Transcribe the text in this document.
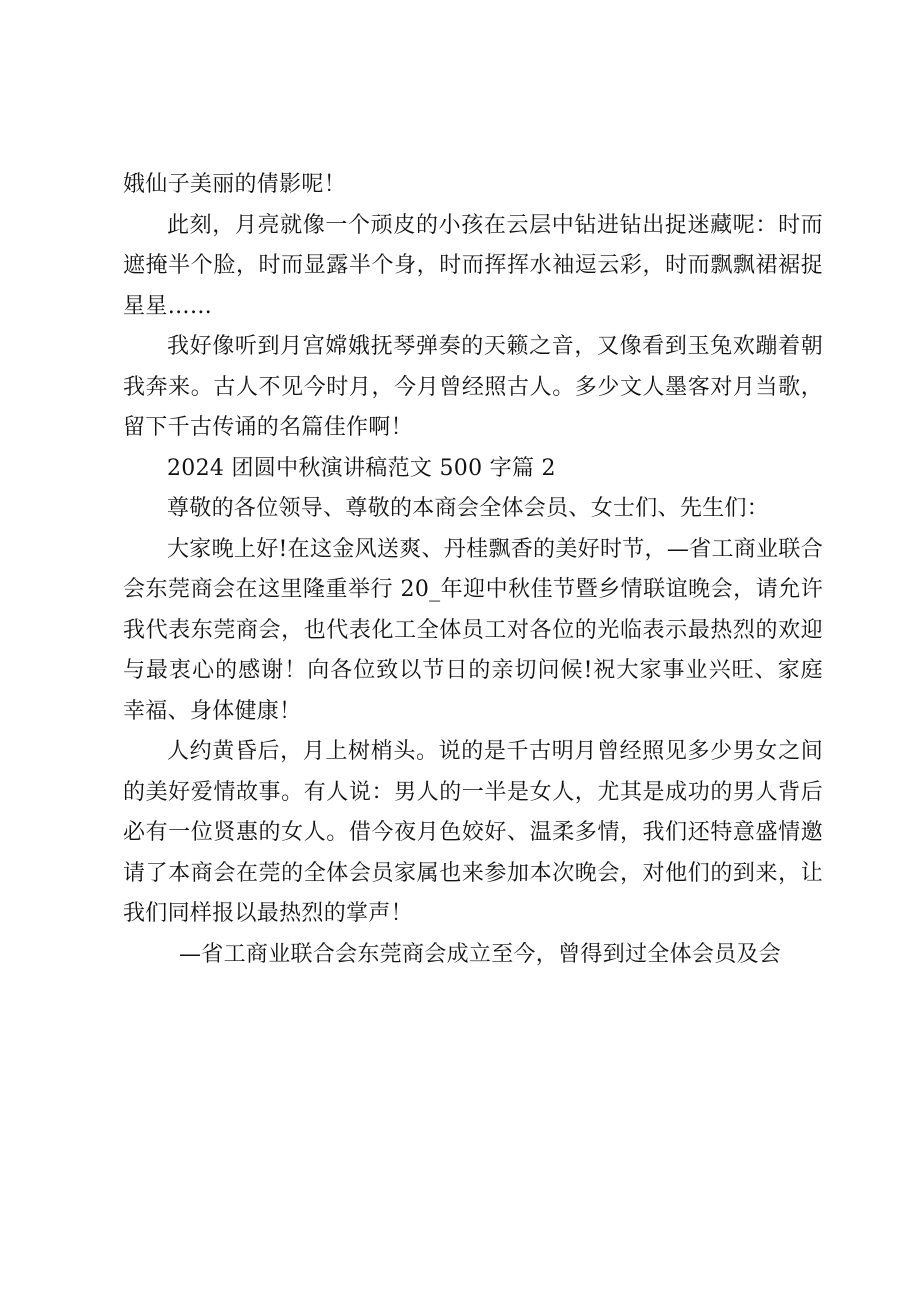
娥仙子美丽的倩影呢！

此刻，月亮就像一个顽皮的小孩在云层中钻进钻出捉迷藏呢：时而遮掩半个脸，时而显露半个身，时而挥挥水袖逗云彩，时而飘飘裙裾捉星星……

我好像听到月宫嫦娥抚琴弹奏的天籁之音，又像看到玉兔欢蹦着朝我奔来。古人不见今时月，今月曾经照古人。多少文人墨客对月当歌，留下千古传诵的名篇佳作啊！

2024 团圆中秋演讲稿范文 500 字篇 2

尊敬的各位领导、尊敬的本商会全体会员、女士们、先生们：

大家晚上好!在这金风送爽、丹桂飘香的美好时节，—省工商业联合会东莞商会在这里隆重举行 20_年迎中秋佳节暨乡情联谊晚会，请允许我代表东莞商会，也代表化工全体员工对各位的光临表示最热烈的欢迎与最衷心的感谢！向各位致以节日的亲切问候!祝大家事业兴旺、家庭幸福、身体健康！

人约黄昏后，月上树梢头。说的是千古明月曾经照见多少男女之间的美好爱情故事。有人说：男人的一半是女人，尤其是成功的男人背后必有一位贤惠的女人。借今夜月色姣好、温柔多情，我们还特意盛情邀请了本商会在莞的全体会员家属也来参加本次晚会，对他们的到来，让我们同样报以最热烈的掌声！

—省工商业联合会东莞商会成立至今，曾得到过全体会员及会
